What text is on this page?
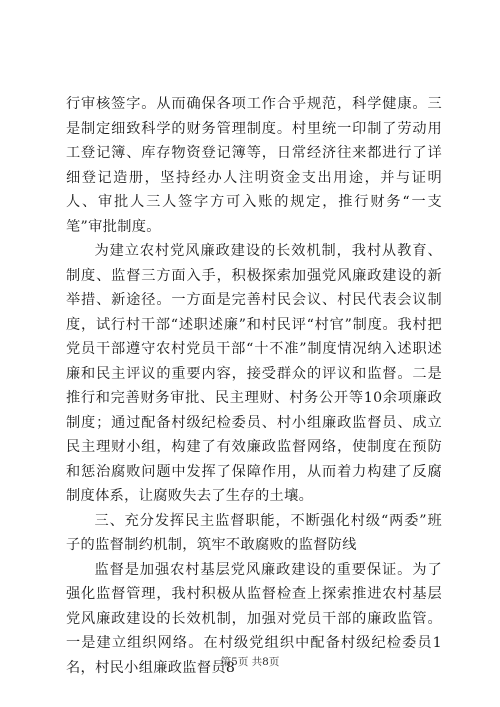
行审核签字。从而确保各项工作合乎规范，科学健康。三是制定细致科学的财务管理制度。村里统一印制了劳动用工登记簿、库存物资登记簿等，日常经济往来都进行了详细登记造册，坚持经办人注明资金支出用途，并与证明人、审批人三人签字方可入账的规定，推行财务“一支笔”审批制度。

为建立农村党风廉政建设的长效机制，我村从教育、制度、监督三方面入手，积极探索加强党风廉政建设的新举措、新途径。一方面是完善村民会议、村民代表会议制度，试行村干部“述职述廉”和村民评“村官”制度。我村把党员干部遵守农村党员干部“十不准”制度情况纳入述职述廉和民主评议的重要内容，接受群众的评议和监督。二是推行和完善财务审批、民主理财、村务公开等10余项廉政制度；通过配备村级纪检委员、村小组廉政监督员、成立民主理财小组，构建了有效廉政监督网络，使制度在预防和惩治腐败问题中发挥了保障作用，从而着力构建了反腐制度体系，让腐败失去了生存的土壤。

三、充分发挥民主监督职能，不断强化村级“两委”班子的监督制约机制，筑牢不敢腐败的监督防线

监督是加强农村基层党风廉政建设的重要保证。为了强化监督管理，我村积极从监督检查上探索推进农村基层党风廉政建设的长效机制，加强对党员干部的廉政监管。一是建立组织网络。在村级党组织中配备村级纪检委员1名，村民小组廉政监督员8

第5页 共8页
